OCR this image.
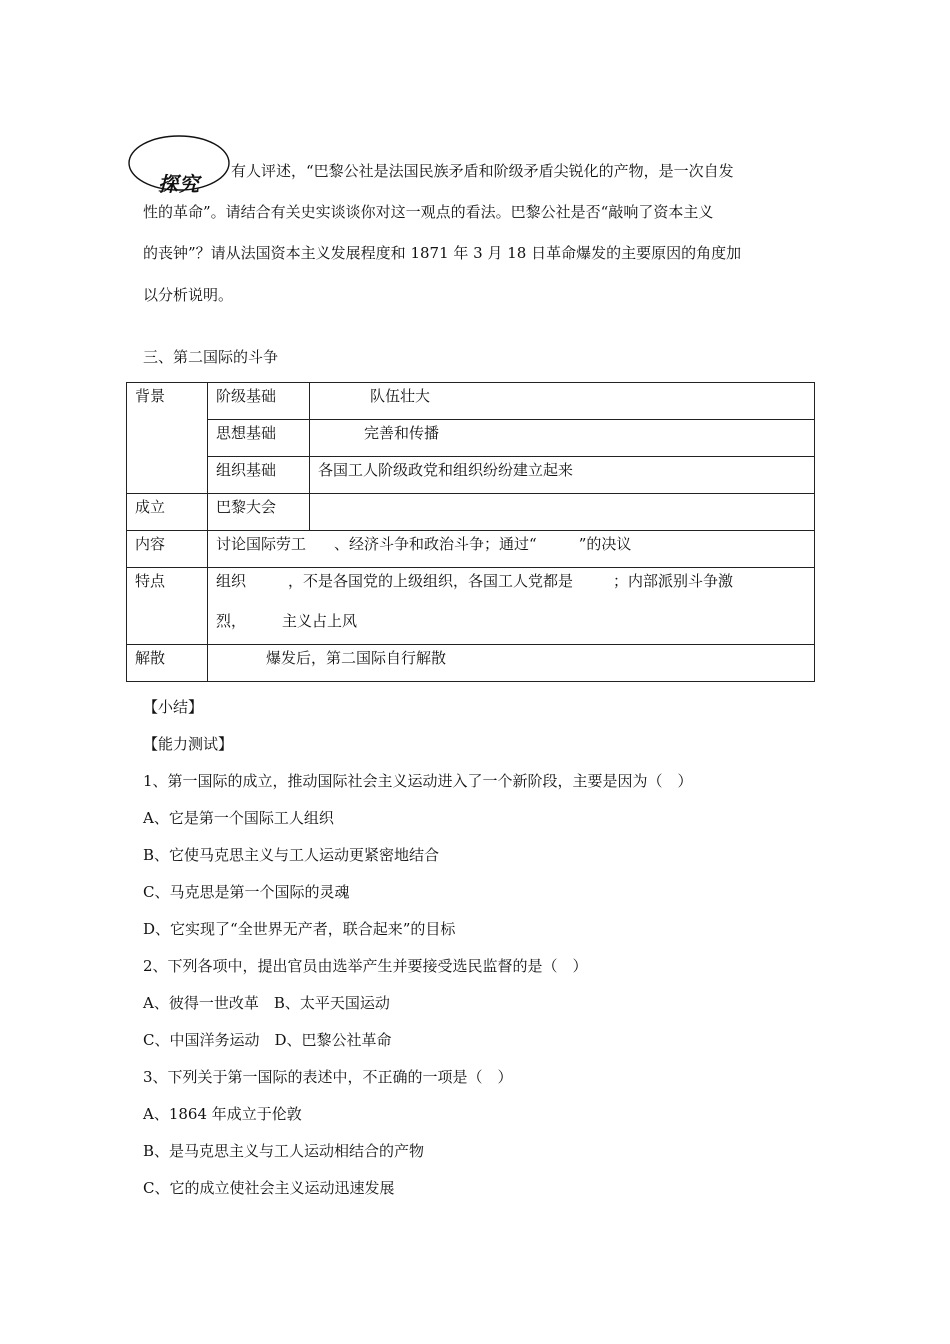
探究
有人评述，“巴黎公社是法国民族矛盾和阶级矛盾尖锐化的产物，是一次自发
性的革命”。请结合有关史实谈谈你对这一观点的看法。巴黎公社是否“敲响了资本主义
的丧钟”？请从法国资本主义发展程度和 1871 年 3 月 18 日革命爆发的主要原因的角度加
以分析说明。
三、第二国际的斗争
背景	阶级基础	队伍壮大
	思想基础	完善和传播
	组织基础	各国工人阶级政党和组织纷纷建立起来
成立	巴黎大会	
内容	讨论国际劳工 、经济斗争和政治斗争；通过“ ”的决议	
特点	组织 ，不是各国党的上级组织，各国工人党都是 ；内部派别斗争激
烈， 主义占上风	

解散	爆发后，第二国际自行解散	
【小结】
【能力测试】
1、第一国际的成立，推动国际社会主义运动进入了一个新阶段，主要是因为（　）
A、它是第一个国际工人组织
B、它使马克思主义与工人运动更紧密地结合
C、马克思是第一个国际的灵魂
D、它实现了“全世界无产者，联合起来”的目标
2、下列各项中，提出官员由选举产生并要接受选民监督的是（　）
A、彼得一世改革　B、太平天国运动
C、中国洋务运动　D、巴黎公社革命
3、下列关于第一国际的表述中，不正确的一项是（　）
A、1864 年成立于伦敦
B、是马克思主义与工人运动相结合的产物
C、它的成立使社会主义运动迅速发展
